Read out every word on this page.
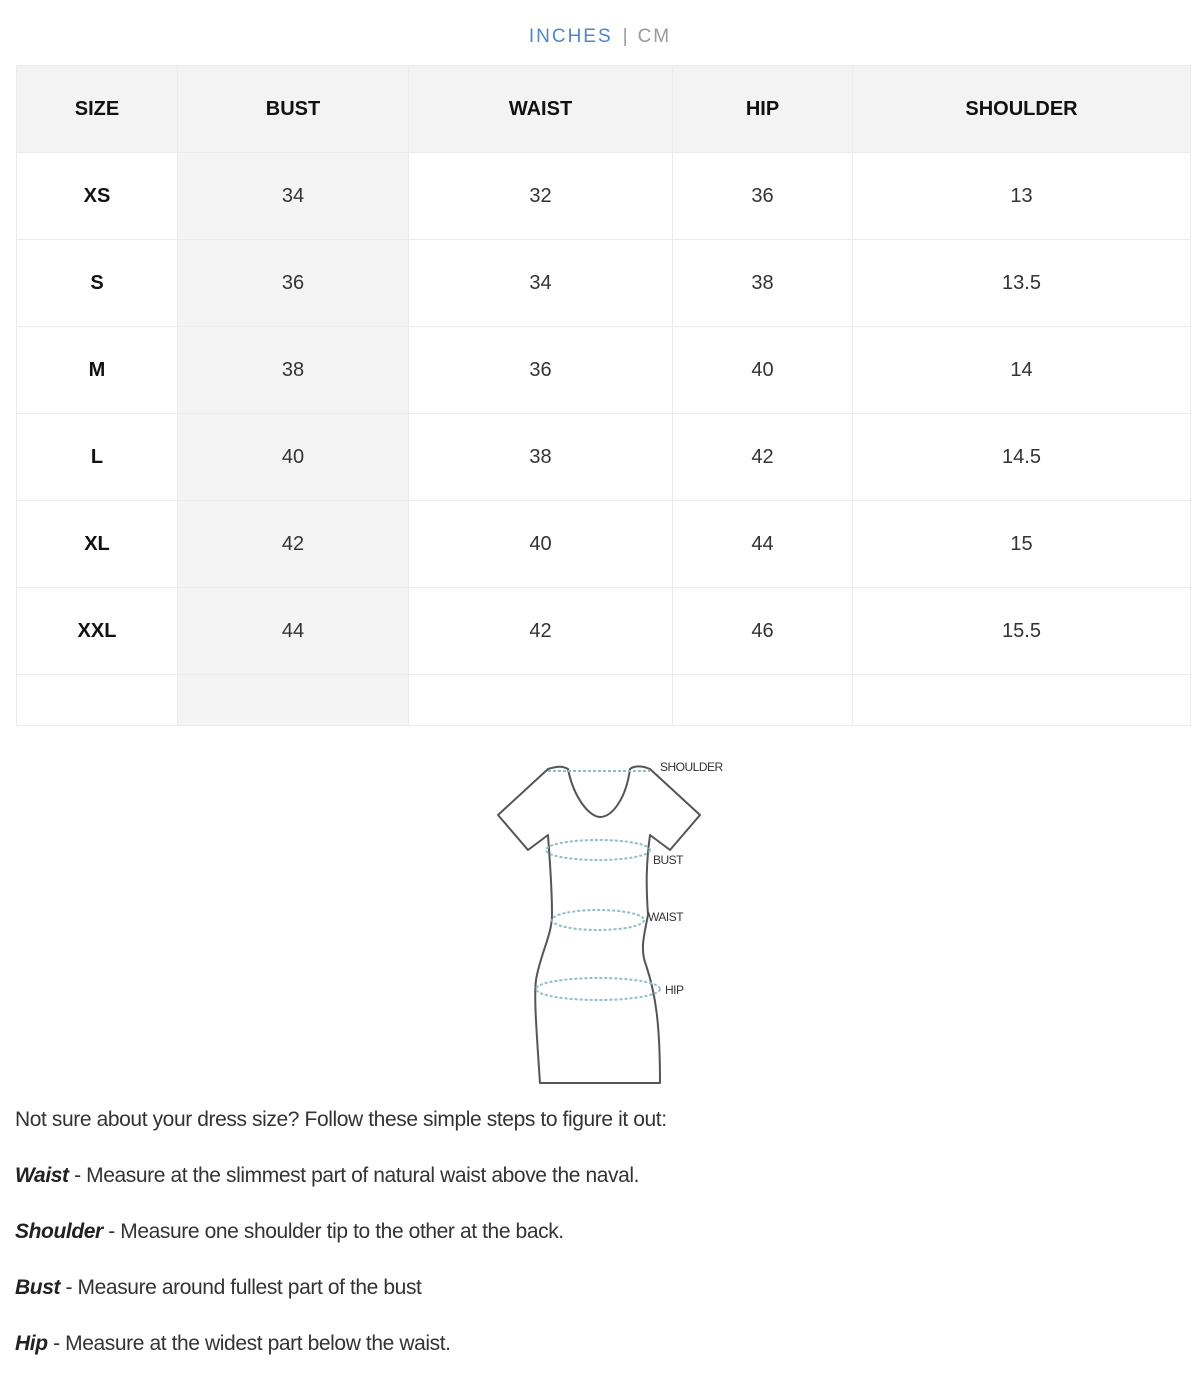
INCHES | CM
SIZE	BUST	WAIST	HIP	SHOULDER
XS	34	32	36	13
S	36	34	38	13.5
M	38	36	40	14
L	40	38	42	14.5
XL	42	40	44	15
XXL	44	42	46	15.5

SHOULDER
BUST
WAIST
HIP

Not sure about your dress size? Follow these simple steps to figure it out:

Waist - Measure at the slimmest part of natural waist above the naval.

Shoulder - Measure one shoulder tip to the other at the back.

Bust - Measure around fullest part of the bust

Hip - Measure at the widest part below the waist.
